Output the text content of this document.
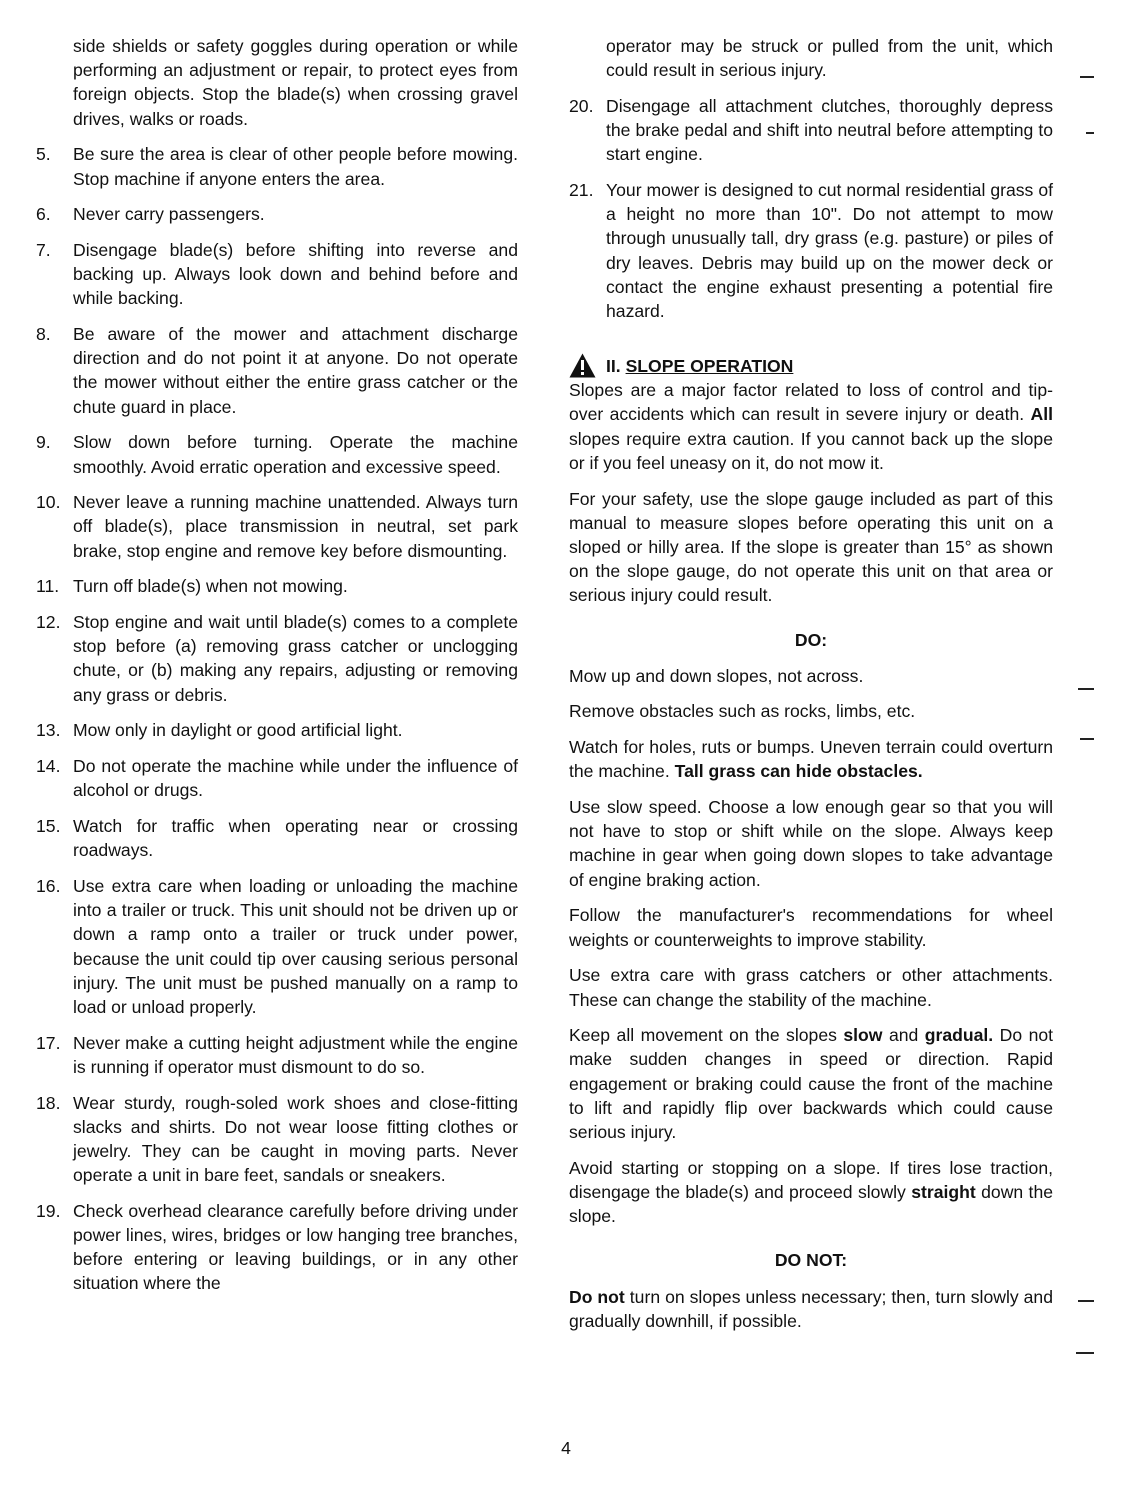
side shields or safety goggles during operation or while performing an adjustment or repair, to protect eyes from foreign objects. Stop the blade(s) when crossing gravel drives, walks or roads.
5.	Be sure the area is clear of other people before mowing. Stop machine if anyone enters the area.
6.	Never carry passengers.
7.	Disengage blade(s) before shifting into reverse and backing up. Always look down and behind before and while backing.
8.	Be aware of the mower and attachment discharge direction and do not point it at anyone. Do not operate the mower without either the entire grass catcher or the chute guard in place.
9.	Slow down before turning. Operate the machine smoothly. Avoid erratic operation and excessive speed.
10. Never leave a running machine unattended. Always turn off blade(s), place transmission in neutral, set park brake, stop engine and remove key before dismounting.
11. Turn off blade(s) when not mowing.
12. Stop engine and wait until blade(s) comes to a complete stop before (a) removing grass catcher or unclogging chute, or (b) making any repairs, adjusting or removing any grass or debris.
13. Mow only in daylight or good artificial light.
14. Do not operate the machine while under the influence of alcohol or drugs.
15. Watch for traffic when operating near or crossing roadways.
16. Use extra care when loading or unloading the machine into a trailer or truck. This unit should not be driven up or down a ramp onto a trailer or truck under power, because the unit could tip over causing serious personal injury. The unit must be pushed manually on a ramp to load or unload properly.
17. Never make a cutting height adjustment while the engine is running if operator must dismount to do so.
18. Wear sturdy, rough-soled work shoes and close-fitting slacks and shirts. Do not wear loose fitting clothes or jewelry. They can be caught in moving parts. Never operate a unit in bare feet, sandals or sneakers.
19. Check overhead clearance carefully before driving under power lines, wires, bridges or low hanging tree branches, before entering or leaving buildings, or in any other situation where the
operator may be struck or pulled from the unit, which could result in serious injury.
20. Disengage all attachment clutches, thoroughly depress the brake pedal and shift into neutral before attempting to start engine.
21. Your mower is designed to cut normal residential grass of a height no more than 10". Do not attempt to mow through unusually tall, dry grass (e.g. pasture) or piles of dry leaves. Debris may build up on the mower deck or contact the engine exhaust presenting a potential fire hazard.
II. SLOPE OPERATION
Slopes are a major factor related to loss of control and tip-over accidents which can result in severe injury or death. All slopes require extra caution. If you cannot back up the slope or if you feel uneasy on it, do not mow it.
For your safety, use the slope gauge included as part of this manual to measure slopes before operating this unit on a sloped or hilly area. If the slope is greater than 15° as shown on the slope gauge, do not operate this unit on that area or serious injury could result.
DO:
Mow up and down slopes, not across.
Remove obstacles such as rocks, limbs, etc.
Watch for holes, ruts or bumps. Uneven terrain could overturn the machine. Tall grass can hide obstacles.
Use slow speed. Choose a low enough gear so that you will not have to stop or shift while on the slope. Always keep machine in gear when going down slopes to take advantage of engine braking action.
Follow the manufacturer's recommendations for wheel weights or counterweights to improve stability.
Use extra care with grass catchers or other attachments. These can change the stability of the machine.
Keep all movement on the slopes slow and gradual. Do not make sudden changes in speed or direction. Rapid engagement or braking could cause the front of the machine to lift and rapidly flip over backwards which could cause serious injury.
Avoid starting or stopping on a slope. If tires lose traction, disengage the blade(s) and proceed slowly straight down the slope.
DO NOT:
Do not turn on slopes unless necessary; then, turn slowly and gradually downhill, if possible.
4
